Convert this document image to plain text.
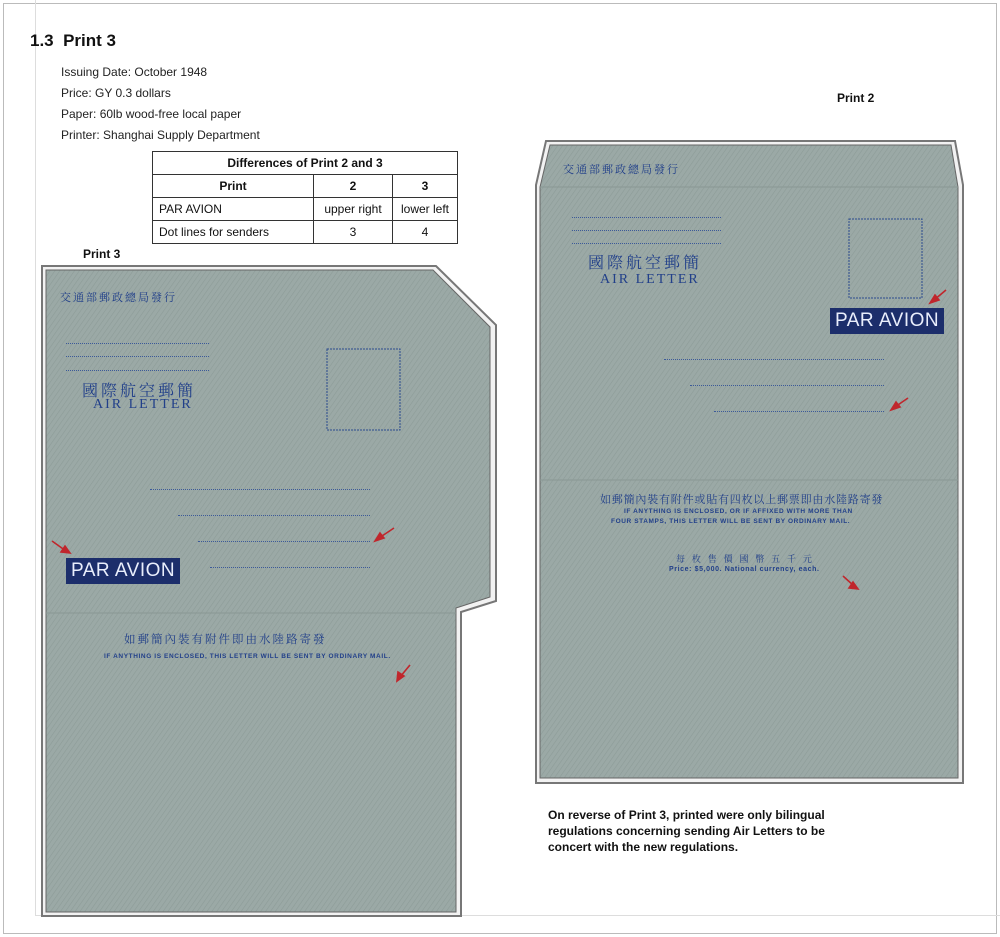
1.3 Print 3
Issuing Date: October 1948
Price: GY 0.3 dollars
Paper: 60lb wood-free local paper
Printer: Shanghai Supply Department
Differences of Print 2 and 3		
Print	2	3
PAR AVION	upper right	lower left
Dot lines for senders	3	4
Print 3
Print 2
交通部郵政總局發行
國際航空郵簡
AIR LETTER
PAR AVION
如郵簡內裝有附件即由水陸路寄發
IF ANYTHING IS ENCLOSED, THIS LETTER WILL BE SENT BY ORDINARY MAIL.
交通部郵政總局發行
國際航空郵簡
AIR LETTER
PAR AVION
如郵簡內裝有附件或貼有四枚以上郵票即由水陸路寄發
IF ANYTHING IS ENCLOSED, OR IF AFFIXED WITH MORE THAN
FOUR STAMPS, THIS LETTER WILL BE SENT BY ORDINARY MAIL.
每 枚 售 價 國 幣 五 千 元
Price: $5,000. National currency, each.
On reverse of Print 3, printed were only bilingual regulations concerning sending Air Letters to be concert with the new regulations.
